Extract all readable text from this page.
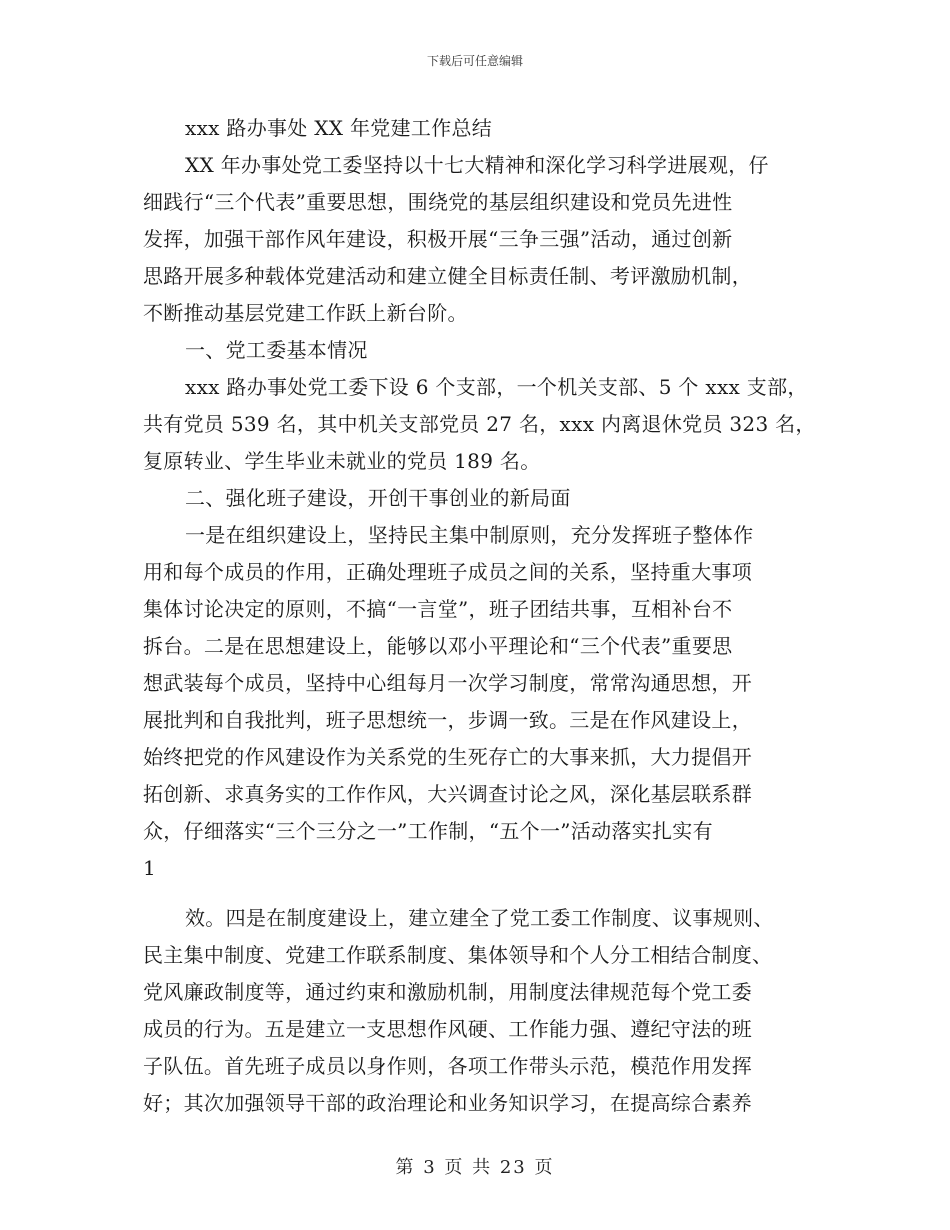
下载后可任意编辑
xxx 路办事处 XX 年党建工作总结
XX 年办事处党工委坚持以十七大精神和深化学习科学进展观，仔
细践行“三个代表”重要思想，围绕党的基层组织建设和党员先进性
发挥，加强干部作风年建设，积极开展“三争三强”活动，通过创新
思路开展多种载体党建活动和建立健全目标责任制、考评激励机制，
不断推动基层党建工作跃上新台阶。
一、党工委基本情况
xxx 路办事处党工委下设 6 个支部，一个机关支部、5 个 xxx 支部，
共有党员 539 名，其中机关支部党员 27 名，xxx 内离退休党员 323 名，
复原转业、学生毕业未就业的党员 189 名。
二、强化班子建设，开创干事创业的新局面
一是在组织建设上，坚持民主集中制原则，充分发挥班子整体作
用和每个成员的作用，正确处理班子成员之间的关系，坚持重大事项
集体讨论决定的原则，不搞“一言堂”，班子团结共事，互相补台不
拆台。二是在思想建设上，能够以邓小平理论和“三个代表”重要思
想武装每个成员，坚持中心组每月一次学习制度，常常沟通思想，开
展批判和自我批判，班子思想统一，步调一致。三是在作风建设上，
始终把党的作风建设作为关系党的生死存亡的大事来抓，大力提倡开
拓创新、求真务实的工作作风，大兴调查讨论之风，深化基层联系群
众，仔细落实“三个三分之一”工作制，“五个一”活动落实扎实有
1
效。四是在制度建设上，建立建全了党工委工作制度、议事规则、
民主集中制度、党建工作联系制度、集体领导和个人分工相结合制度、
党风廉政制度等，通过约束和激励机制，用制度法律规范每个党工委
成员的行为。五是建立一支思想作风硬、工作能力强、遵纪守法的班
子队伍。首先班子成员以身作则，各项工作带头示范，模范作用发挥
好；其次加强领导干部的政治理论和业务知识学习，在提高综合素养
第 3 页 共 23 页
